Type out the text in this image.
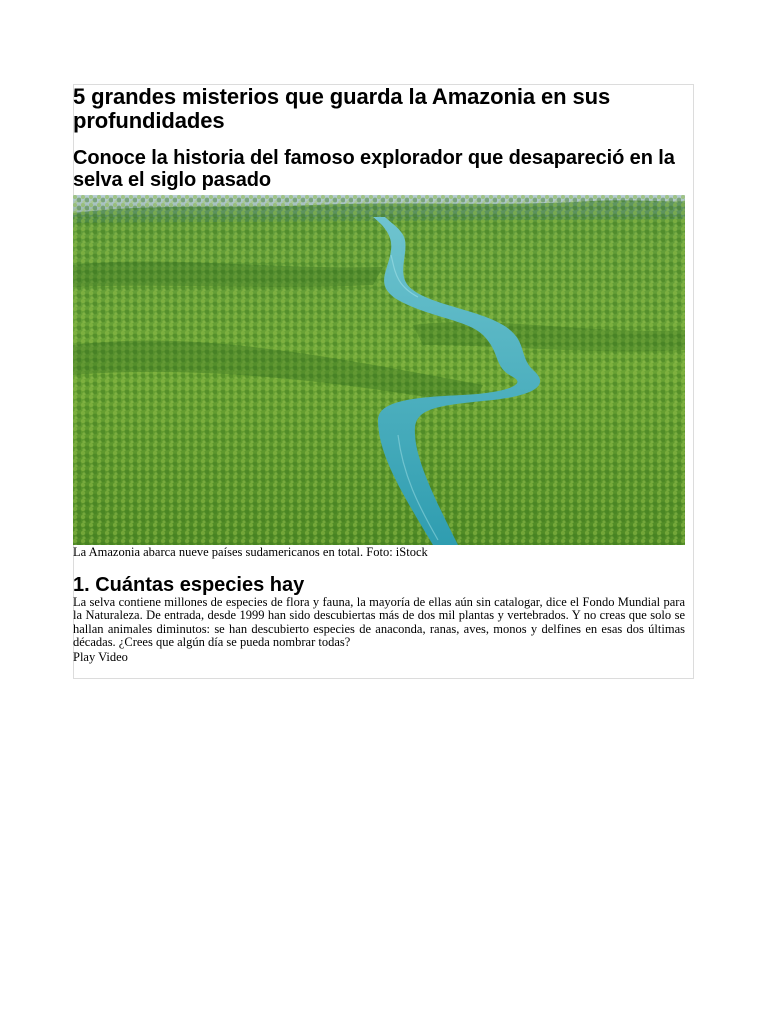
5 grandes misterios que guarda la Amazonia en sus profundidades
Conoce la historia del famoso explorador que desapareció en la selva el siglo pasado

La Amazonia abarca nueve países sudamericanos en total. Foto: iStock

1. Cuántas especies hay

La selva contiene millones de especies de flora y fauna, la mayoría de ellas aún sin catalogar, dice el Fondo Mundial para la Naturaleza. De entrada, desde 1999 han sido descubiertas más de dos mil plantas y vertebrados. Y no creas que solo se hallan animales diminutos: se han descubierto especies de anaconda, ranas, aves, monos y delfines en esas dos últimas décadas. ¿Crees que algún día se pueda nombrar todas?

Play Video
